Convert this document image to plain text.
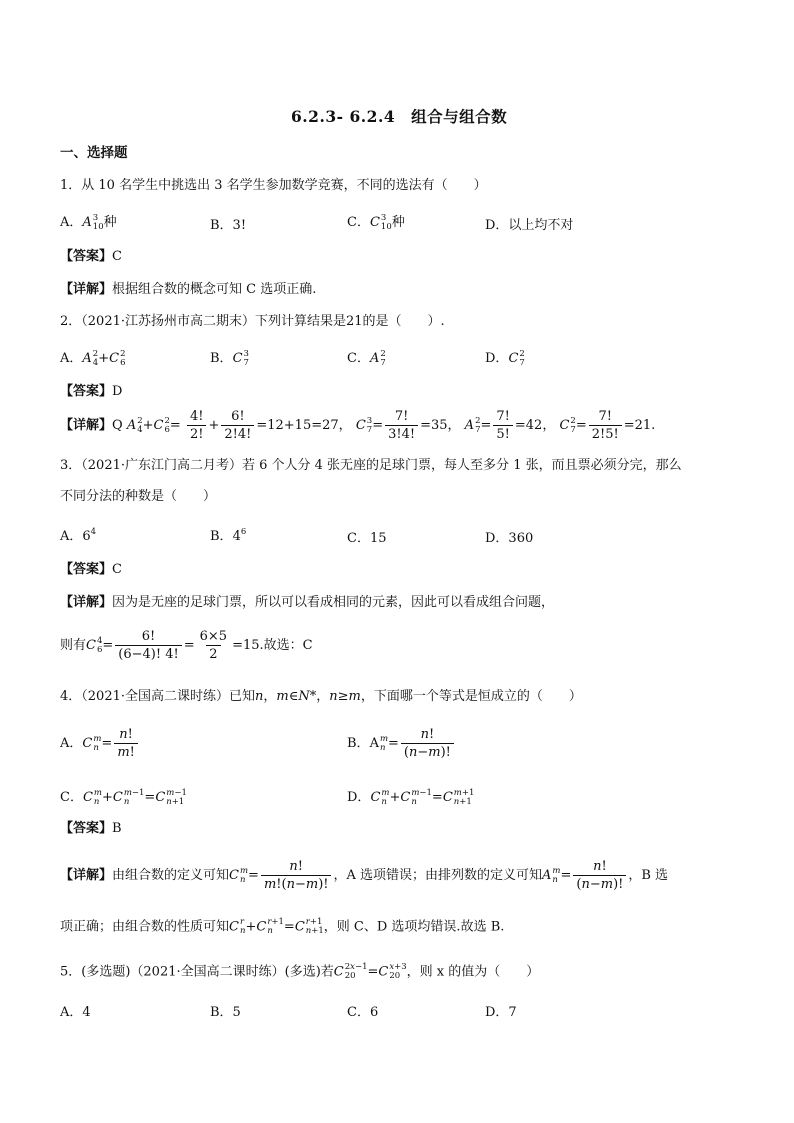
6.2.3- 6.2.4　组合与组合数
一、选择题
1．从 10 名学生中挑选出 3 名学生参加数学竞赛，不同的选法有（　　）
A．A 3
10 种	B．3!	C．C 3
10 种	D．以上均不对
【答案】C
【详解】根据组合数的概念可知 C 选项正确.
2．（2021·江苏扬州市高二期末）下列计算结果是21的是（　　）.
A．A 2
4 +C 2
6	B．C 3
7	C．A 2
7	D．C 2
7
【答案】D
【详解】Q A 2
4 +C 2
$6 = \frac{4!}{2!} + \frac{6!}{2!4!} =12+15=27$， C 3
$7 = \frac{7!}{3!4!} =35$， A 2
$7 = \frac{7!}{5!} =42$， C 2
$7 = \frac{7!}{2!5!} =21$.
3．（2021·广东江门高二月考）若 6 个人分 4 张无座的足球门票，每人至多分 1 张，而且票必须分完，那么
不同分法的种数是（　　）
A．$6^4$	B．$4^6$	C．15	D．360
【答案】C
【详解】因为是无座的足球门票，所以可以看成相同的元素，因此可以看成组合问题，
则有C 4
$6 = \frac{6!}{(6-4)! 4!} = \frac{6\times 5}{2} =15$.故选：C
4．（2021·全国高二课时练）已知n，m∈N*，n≥m，下面哪一个等式是恒成立的（　　）
A．C m
$n = \frac{n!}{m!}$	B．A m
$n = \frac{n!}{(n-m)!}$
C．C m
n +C m−1
n	=C m−1
n+1	D．C m
n +C m−1
n	=C m+1
n+1
【答案】B
【详解】由组合数的定义可知C m
$n = \frac{n!}{m!(n-m)!}$ ，A 选项错误；由排列数的定义可知A m
$n = \frac{n!}{(n-m)!}$ ，B 选
项正确；由组合数的性质可知C r
n +C r+1
n =C r+1
n+1 ，则 C、D 选项均错误.故选 B.
5．(多选题)（2021·全国高二课时练）(多选)若C 2x−1
20 =C x+3
20 ，则 x 的值为（　　）
A．4	B．5	C．6	D．7
